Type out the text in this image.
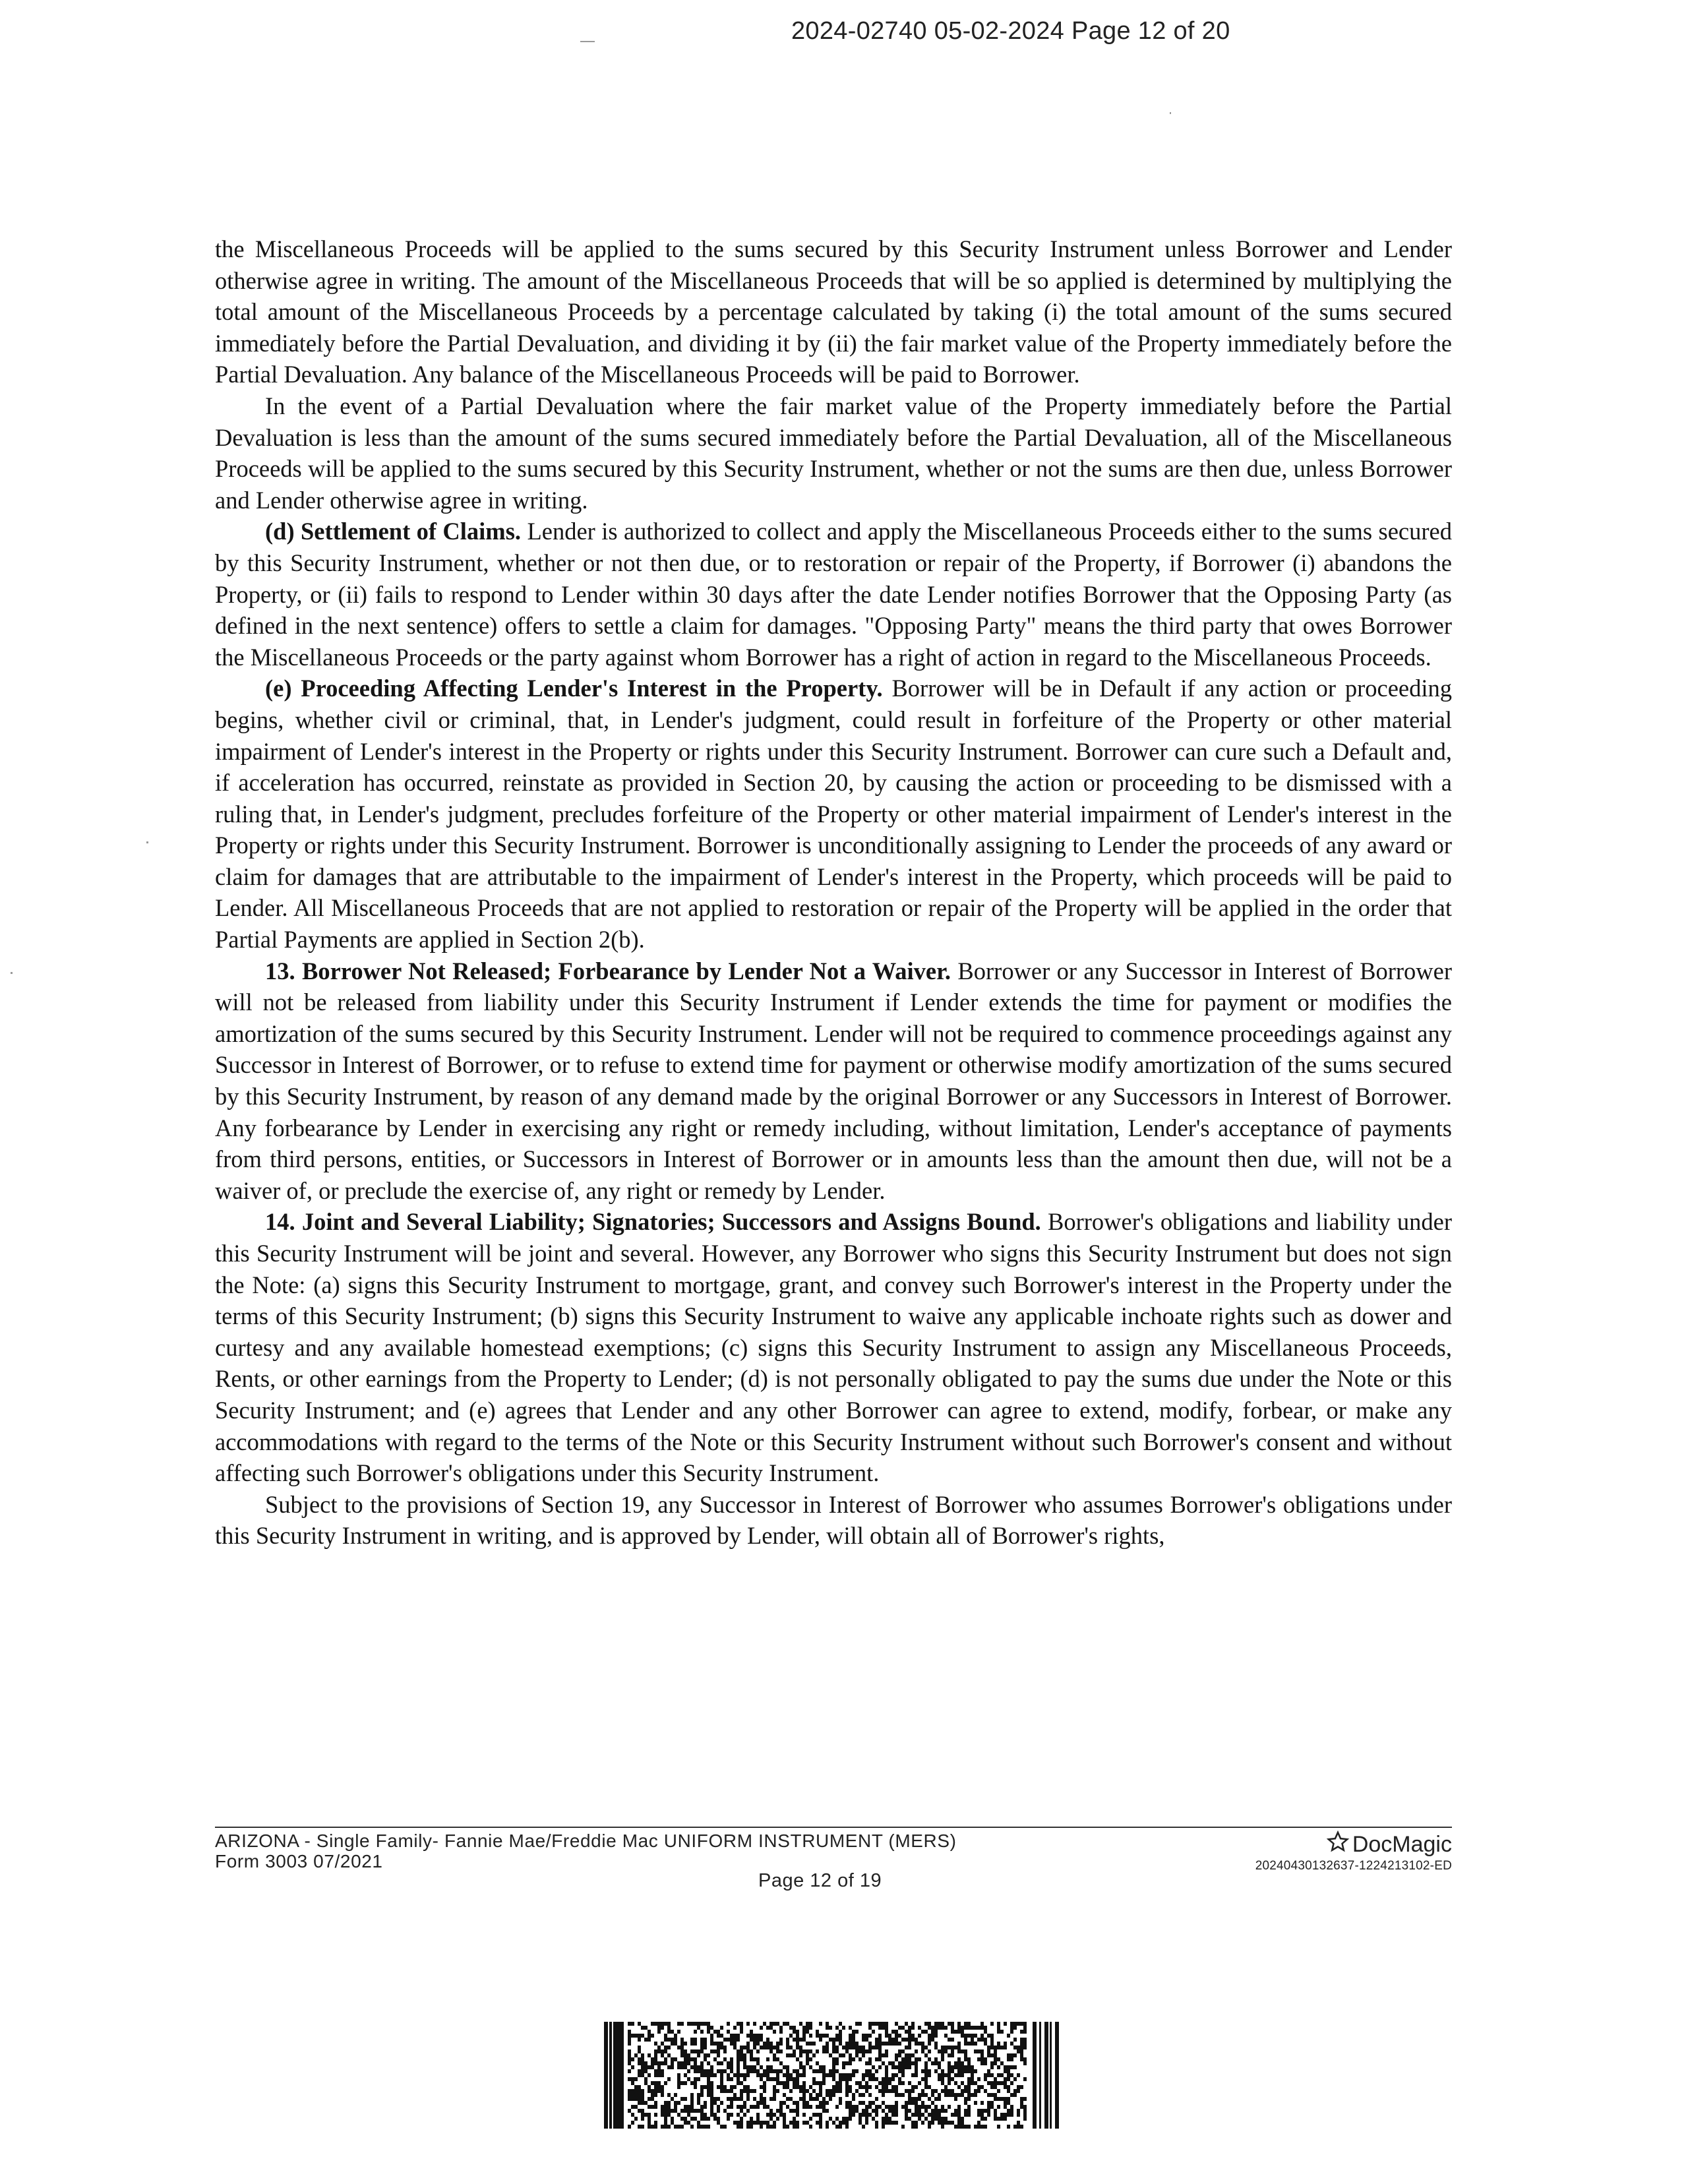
2024-02740 05-02-2024 Page 12 of 20

the Miscellaneous Proceeds will be applied to the sums secured by this Security Instrument unless Borrower and Lender otherwise agree in writing. The amount of the Miscellaneous Proceeds that will be so applied is determined by multiplying the total amount of the Miscellaneous Proceeds by a percentage calculated by taking (i) the total amount of the sums secured immediately before the Partial Devaluation, and dividing it by (ii) the fair market value of the Property immediately before the Partial Devaluation. Any balance of the Miscellaneous Proceeds will be paid to Borrower.

In the event of a Partial Devaluation where the fair market value of the Property immediately before the Partial Devaluation is less than the amount of the sums secured immediately before the Partial Devaluation, all of the Miscellaneous Proceeds will be applied to the sums secured by this Security Instrument, whether or not the sums are then due, unless Borrower and Lender otherwise agree in writing.

(d) Settlement of Claims. Lender is authorized to collect and apply the Miscellaneous Proceeds either to the sums secured by this Security Instrument, whether or not then due, or to restoration or repair of the Property, if Borrower (i) abandons the Property, or (ii) fails to respond to Lender within 30 days after the date Lender notifies Borrower that the Opposing Party (as defined in the next sentence) offers to settle a claim for damages. "Opposing Party" means the third party that owes Borrower the Miscellaneous Proceeds or the party against whom Borrower has a right of action in regard to the Miscellaneous Proceeds.

(e) Proceeding Affecting Lender's Interest in the Property. Borrower will be in Default if any action or proceeding begins, whether civil or criminal, that, in Lender's judgment, could result in forfeiture of the Property or other material impairment of Lender's interest in the Property or rights under this Security Instrument. Borrower can cure such a Default and, if acceleration has occurred, reinstate as provided in Section 20, by causing the action or proceeding to be dismissed with a ruling that, in Lender's judgment, precludes forfeiture of the Property or other material impairment of Lender's interest in the Property or rights under this Security Instrument. Borrower is unconditionally assigning to Lender the proceeds of any award or claim for damages that are attributable to the impairment of Lender's interest in the Property, which proceeds will be paid to Lender. All Miscellaneous Proceeds that are not applied to restoration or repair of the Property will be applied in the order that Partial Payments are applied in Section 2(b).

13. Borrower Not Released; Forbearance by Lender Not a Waiver. Borrower or any Successor in Interest of Borrower will not be released from liability under this Security Instrument if Lender extends the time for payment or modifies the amortization of the sums secured by this Security Instrument. Lender will not be required to commence proceedings against any Successor in Interest of Borrower, or to refuse to extend time for payment or otherwise modify amortization of the sums secured by this Security Instrument, by reason of any demand made by the original Borrower or any Successors in Interest of Borrower. Any forbearance by Lender in exercising any right or remedy including, without limitation, Lender's acceptance of payments from third persons, entities, or Successors in Interest of Borrower or in amounts less than the amount then due, will not be a waiver of, or preclude the exercise of, any right or remedy by Lender.

14. Joint and Several Liability; Signatories; Successors and Assigns Bound. Borrower's obligations and liability under this Security Instrument will be joint and several. However, any Borrower who signs this Security Instrument but does not sign the Note: (a) signs this Security Instrument to mortgage, grant, and convey such Borrower's interest in the Property under the terms of this Security Instrument; (b) signs this Security Instrument to waive any applicable inchoate rights such as dower and curtesy and any available homestead exemptions; (c) signs this Security Instrument to assign any Miscellaneous Proceeds, Rents, or other earnings from the Property to Lender; (d) is not personally obligated to pay the sums due under the Note or this Security Instrument; and (e) agrees that Lender and any other Borrower can agree to extend, modify, forbear, or make any accommodations with regard to the terms of the Note or this Security Instrument without such Borrower's consent and without affecting such Borrower's obligations under this Security Instrument.

Subject to the provisions of Section 19, any Successor in Interest of Borrower who assumes Borrower's obligations under this Security Instrument in writing, and is approved by Lender, will obtain all of Borrower's rights,

ARIZONA - Single Family- Fannie Mae/Freddie Mac UNIFORM INSTRUMENT (MERS)
Form 3003 07/2021
Page 12 of 19
DocMagic
20240430132637-1224213102-ED
